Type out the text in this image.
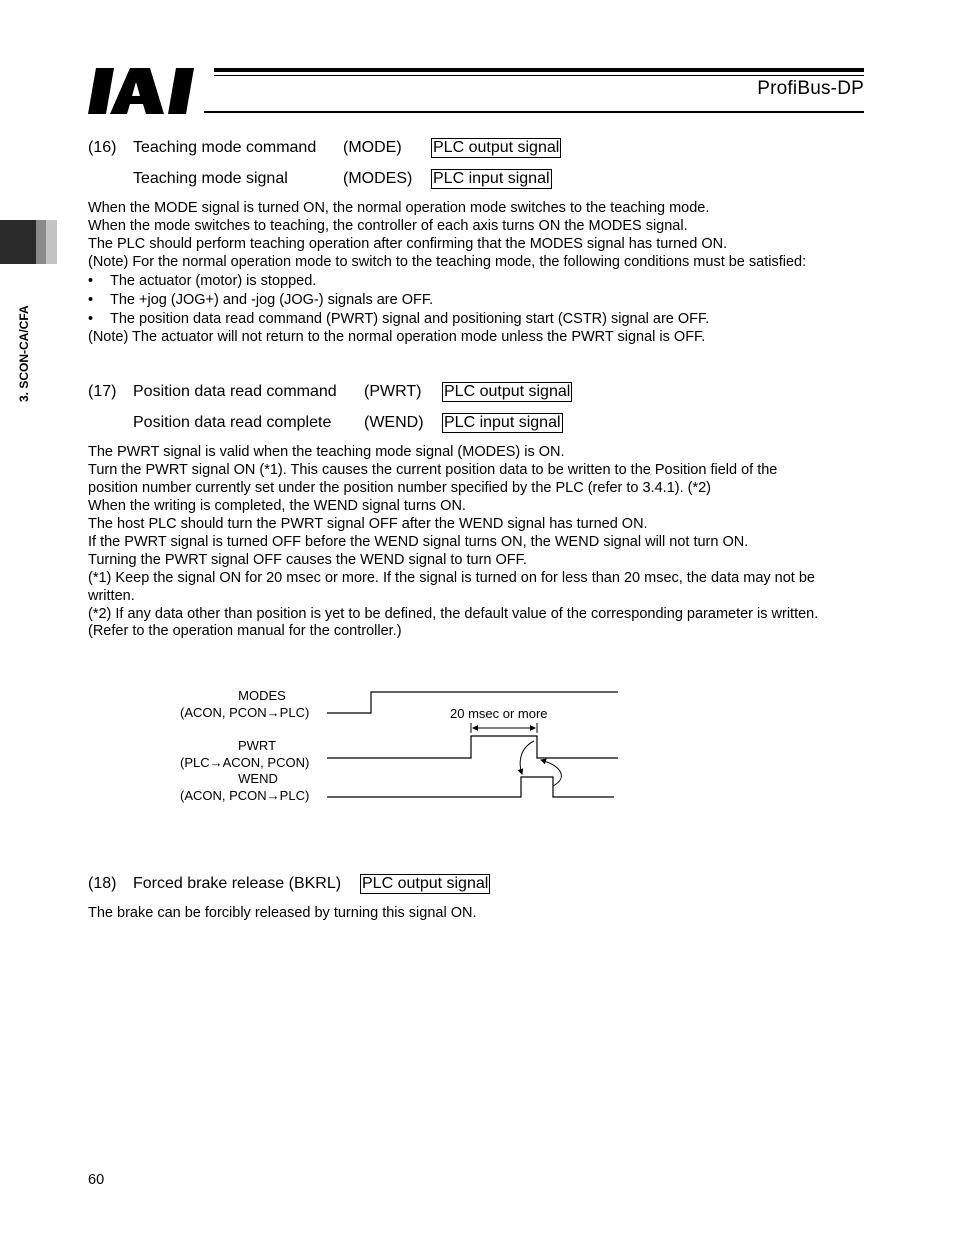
ProfiBus-DP
3. SCON-CA/CFA
(16) Teaching mode command (MODE) PLC output signal
Teaching mode signal	(MODES) PLC input signal
When the MODE signal is turned ON, the normal operation mode switches to the teaching mode.
When the mode switches to teaching, the controller of each axis turns ON the MODES signal.
The PLC should perform teaching operation after confirming that the MODES signal has turned ON.
(Note) For the normal operation mode to switch to the teaching mode, the following conditions must be satisfied:
• The actuator (motor) is stopped.
• The +jog (JOG+) and -jog (JOG-) signals are OFF.
• The position data read command (PWRT) signal and positioning start (CSTR) signal are OFF.
(Note) The actuator will not return to the normal operation mode unless the PWRT signal is OFF.
(17) Position data read command (PWRT) PLC output signal
Position data read complete (WEND) PLC input signal
The PWRT signal is valid when the teaching mode signal (MODES) is ON.
Turn the PWRT signal ON (*1). This causes the current position data to be written to the Position field of the
position number currently set under the position number specified by the PLC (refer to 3.4.1). (*2)
When the writing is completed, the WEND signal turns ON.
The host PLC should turn the PWRT signal OFF after the WEND signal has turned ON.
If the PWRT signal is turned OFF before the WEND signal turns ON, the WEND signal will not turn ON.
Turning the PWRT signal OFF causes the WEND signal to turn OFF.
(*1) Keep the signal ON for 20 msec or more. If the signal is turned on for less than 20 msec, the data may not be
written.
(*2) If any data other than position is yet to be defined, the default value of the corresponding parameter is written.
(Refer to the operation manual for the controller.)
MODES
(ACON, PCON→PLC)
PWRT
(PLC→ACON, PCON)
WEND
(ACON, PCON→PLC)
20 msec or more
(18) Forced brake release (BKRL) PLC output signal
The brake can be forcibly released by turning this signal ON.
60
